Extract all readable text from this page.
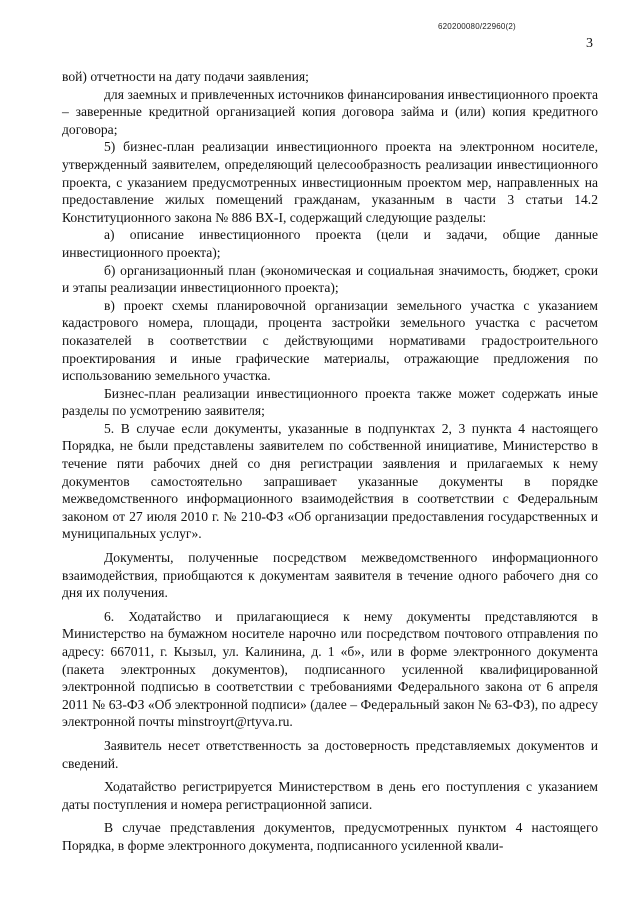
620200080/22960(2)
3

вой) отчетности на дату подачи заявления;

для заемных и привлеченных источников финансирования инвестиционного проекта – заверенные кредитной организацией копия договора займа и (или) копия кредитного договора;

5) бизнес-план реализации инвестиционного проекта на электронном носителе, утвержденный заявителем, определяющий целесообразность реализации инвестиционного проекта, с указанием предусмотренных инвестиционным проектом мер, направленных на предоставление жилых помещений гражданам, указанным в части 3 статьи 14.2 Конституционного закона № 886 ВХ-I, содержащий следующие разделы:

а) описание инвестиционного проекта (цели и задачи, общие данные инвестиционного проекта);

б) организационный план (экономическая и социальная значимость, бюджет, сроки и этапы реализации инвестиционного проекта);

в) проект схемы планировочной организации земельного участка с указанием кадастрового номера, площади, процента застройки земельного участка с расчетом показателей в соответствии с действующими нормативами градостроительного проектирования и иные графические материалы, отражающие предложения по использованию земельного участка.

Бизнес-план реализации инвестиционного проекта также может содержать иные разделы по усмотрению заявителя;

5. В случае если документы, указанные в подпунктах 2, 3 пункта 4 настоящего Порядка, не были представлены заявителем по собственной инициативе, Министерство в течение пяти рабочих дней со дня регистрации заявления и прилагаемых к нему документов самостоятельно запрашивает указанные документы в порядке межведомственного информационного взаимодействия в соответствии с Федеральным законом от 27 июля 2010 г. № 210-ФЗ «Об организации предоставления государственных и муниципальных услуг».

Документы, полученные посредством межведомственного информационного взаимодействия, приобщаются к документам заявителя в течение одного рабочего дня со дня их получения.

6. Ходатайство и прилагающиеся к нему документы представляются в Министерство на бумажном носителе нарочно или посредством почтового отправления по адресу: 667011, г. Кызыл, ул. Калинина, д. 1 «б», или в форме электронного документа (пакета электронных документов), подписанного усиленной квалифицированной электронной подписью в соответствии с требованиями Федерального закона от 6 апреля 2011 № 63-ФЗ «Об электронной подписи» (далее – Федеральный закон № 63-ФЗ), по адресу электронной почты minstroyrt@rtyva.ru.

Заявитель несет ответственность за достоверность представляемых документов и сведений.

Ходатайство регистрируется Министерством в день его поступления с указанием даты поступления и номера регистрационной записи.

В случае представления документов, предусмотренных пунктом 4 настоящего Порядка, в форме электронного документа, подписанного усиленной квали-
